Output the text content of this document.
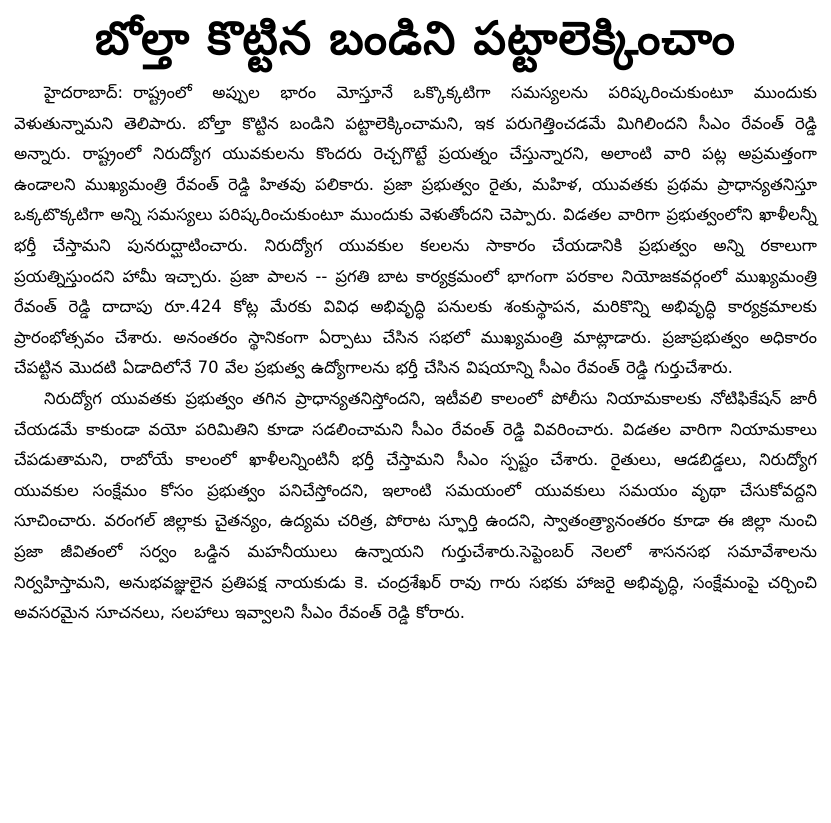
బోల్తా కొట్టిన బండిని పట్టాలెక్కించాం

హైదరాబాద్‌: రాష్ట్రంలో అప్పుల భారం మోస్తూనే ఒక్కొక్కటిగా సమస్యలను పరిష్కరించుకుంటూ ముందుకు వెళుతున్నామని తెలిపారు. బోల్తా కొట్టిన బండిని పట్టాలెక్కించామని, ఇక పరుగెత్తించడమే మిగిలిందని సీఎం రేవంత్‌ రెడ్డి అన్నారు. రాష్ట్రంలో నిరుద్యోగ యువకులను కొందరు రెచ్చగొట్టే ప్రయత్నం చేస్తున్నారని, అలాంటి వారి పట్ల అప్రమత్తంగా ఉండాలని ముఖ్యమంత్రి రేవంత్‌ రెడ్డి హితవు పలికారు. ప్రజా ప్రభుత్వం రైతు, మహిళ, యువతకు ప్రథమ ప్రాధాన్యతనిస్తూ ఒక్కటొక్కటిగా అన్ని సమస్యలు పరిష్కరించుకుంటూ ముందుకు వెళుతోందని చెప్పారు. విడతల వారిగా ప్రభుత్వంలోని ఖాళీలన్నీ భర్తీ చేస్తామని పునరుద్ఘాటించారు. నిరుద్యోగ యువకుల కలలను సాకారం చేయడానికి ప్రభుత్వం అన్ని రకాలుగా ప్రయత్నిస్తుందని హామీ ఇచ్చారు. ప్రజా పాలన -- ప్రగతి బాట కార్యక్రమంలో భాగంగా పరకాల నియోజకవర్గంలో ముఖ్యమంత్రి రేవంత్‌ రెడ్డి దాదాపు రూ.424 కోట్ల మేరకు వివిధ అభివృద్ధి పనులకు శంకుస్థాపన, మరికొన్ని అభివృద్ధి కార్యక్రమాలకు ప్రారంభోత్సవం చేశారు. అనంతరం స్థానికంగా ఏర్పాటు చేసిన సభలో ముఖ్యమంత్రి మాట్లాడారు. ప్రజాప్రభుత్వం అధికారం చేపట్టిన మొదటి ఏడాదిలోనే 70 వేల ప్రభుత్వ ఉద్యోగాలను భర్తీ చేసిన విషయాన్ని సీఎం రేవంత్‌ రెడ్డి గుర్తుచేశారు.

నిరుద్యోగ యువతకు ప్రభుత్వం తగిన ప్రాధాన్యతనిస్తోందని, ఇటీవలి కాలంలో పోలీసు నియామకాలకు నోటిఫికేషన్‌ జారీ చేయడమే కాకుండా వయో పరిమితిని కూడా సడలించామని సీఎం రేవంత్‌ రెడ్డి వివరించారు. విడతల వారిగా నియామకాలు చేపడుతామని, రాబోయే కాలంలో ఖాళీలన్నింటినీ భర్తీ చేస్తామని సీఎం స్పష్టం చేశారు. రైతులు, ఆడబిడ్డలు, నిరుద్యోగ యువకుల సంక్షేమం కోసం ప్రభుత్వం పనిచేస్తోందని, ఇలాంటి సమయంలో యువకులు సమయం వృథా చేసుకోవద్దని సూచించారు. వరంగల్‌ జిల్లాకు చైతన్యం, ఉద్యమ చరిత్ర, పోరాట స్ఫూర్తి ఉందని, స్వాతంత్ర్యానంతరం కూడా ఈ జిల్లా నుంచి ప్రజా జీవితంలో సర్వం ఒడ్డిన మహనీయులు ఉన్నాయని గుర్తుచేశారు.సెప్టెంబర్‌ నెలలో శాసనసభ సమావేశాలను నిర్వహిస్తామని, అనుభవజ్ఞులైన ప్రతిపక్ష నాయకుడు కె. చంద్రశేఖర్‌ రావు గారు సభకు హాజరై అభివృద్ధి, సంక్షేమంపై చర్చించి అవసరమైన సూచనలు, సలహాలు ఇవ్వాలని సీఎం రేవంత్‌ రెడ్డి కోరారు.
